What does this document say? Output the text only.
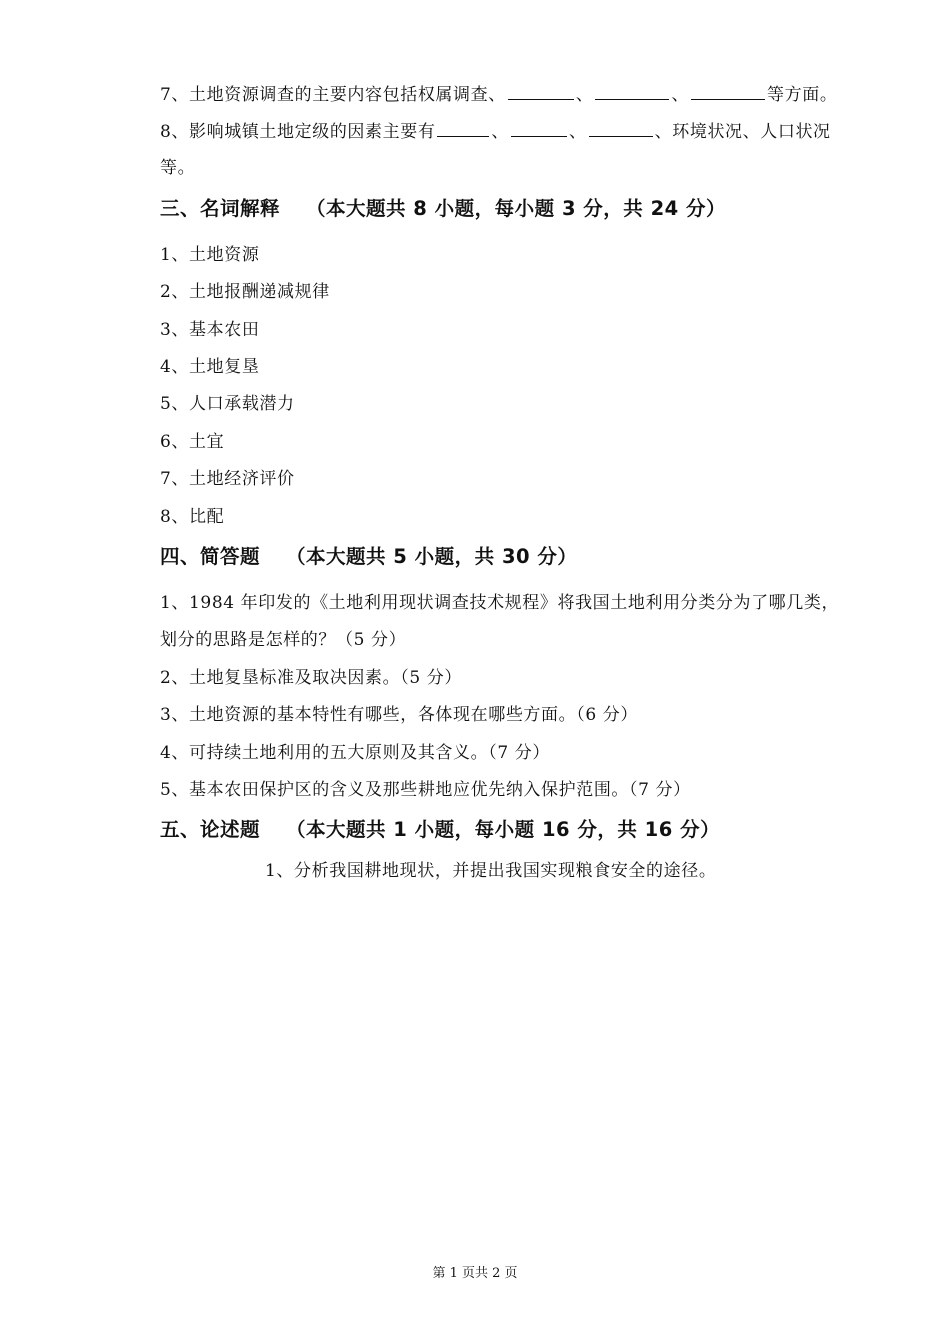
7、土地资源调查的主要内容包括权属调查、	、	、	等方面。
8、影响城镇土地定级的因素主要有	、	、	、环境状况、人口状况
等。
三、名词解释 （本大题共 8 小题，每小题 3 分，共 24 分）
1、土地资源
2、土地报酬递减规律
3、基本农田
4、土地复垦
5、人口承载潜力
6、土宜
7、土地经济评价
8、比配
四、简答题 （本大题共 5 小题，共 30 分）
1、1984 年印发的《土地利用现状调查技术规程》将我国土地利用分类分为了哪几类，
划分的思路是怎样的？（5 分）
2、土地复垦标准及取决因素。（5 分）
3、土地资源的基本特性有哪些，各体现在哪些方面。（6 分）
4、可持续土地利用的五大原则及其含义。（7 分）
5、基本农田保护区的含义及那些耕地应优先纳入保护范围。（7 分）
五、论述题 （本大题共 1 小题，每小题 16 分，共 16 分）
1、分析我国耕地现状，并提出我国实现粮食安全的途径。
第 1 页共 2 页
